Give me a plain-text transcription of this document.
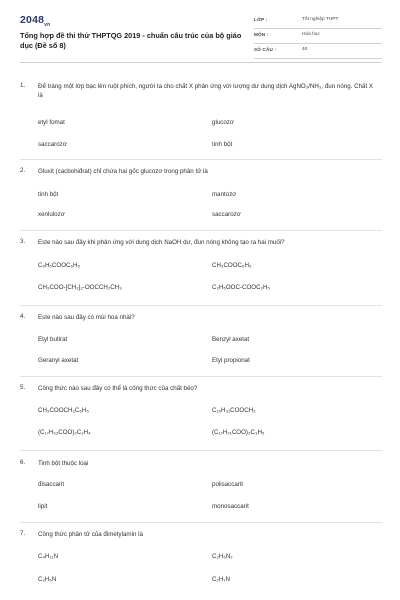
$2048_{vn}$
Tổng hợp đề thi thử THPTQG 2019 - chuẩn cấu trúc của bộ giáo dục (Đề số 8)
LỚP :	Tốt nghiệp THPT
MÔN :	Hóa học
SỐ CÂU :	40
1. Để tráng một lớp bạc lên ruột phích, người ta cho chất X phản ứng với lượng dư dung dịch AgNO₃/NH₃, đun nóng. Chất X là
etyl fomat	glucozơ
saccarozơ	tinh bột
2. Gluxit (cacbohiđrat) chỉ chứa hai gốc glucozơ trong phân tử là
tinh bột	mantozơ
xenlulozơ	saccarozơ
3. Este nào sau đây khi phản ứng với dung dịch NaOH dư, đun nóng không tạo ra hai muối?
C₆H₅COOC₆H₅	CH₃COOC₆H₅
CH₃COO-[CH₂]₂-OOCCH₂CH₃	C₂H₅OOC-COOC₂H₅
4. Este nào sau đây có mùi hoa nhài?
Etyl butirat	Benzyl axetat
Geranyl axetat	Etyl propionat
5. Công thức nào sau đây có thể là công thức của chất béo?
CH₃COOCH₂C₆H₅	C₁₅H₃₁COOCH₃
(C₁₇H₃₃COO)₂C₂H₄	(C₁₇H₃₁COO)₃C₃H₅
6. Tinh bột thuộc loại
đisaccarit	polisaccarit
lipit	monosaccarit
7. Công thức phân tử của đimetylamin là
C₄H₁₁N	C₂H₆N₂
C₂H₆N	C₂H₇N
